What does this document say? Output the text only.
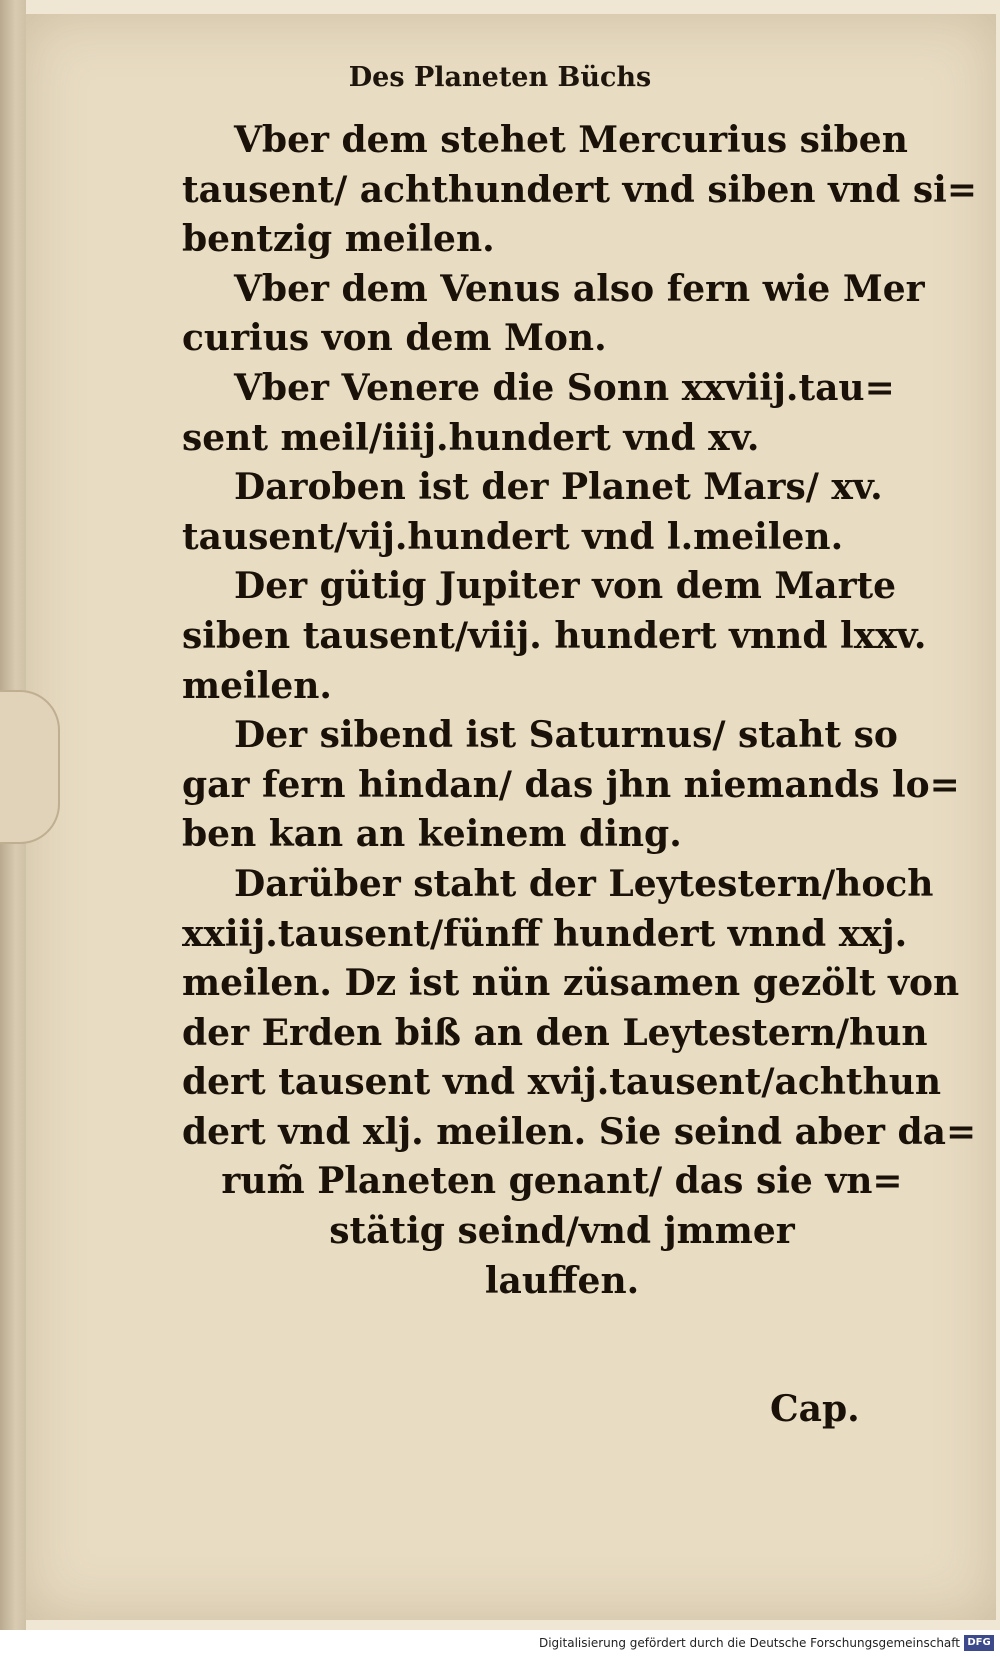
Des Planeten Büchs
Vber dem stehet Mercurius siben
tausent/ achthundert vnd siben vnd si=
bentzig meilen.
Vber dem Venus also fern wie Mer
curius von dem Mon.
Vber Venere die Sonn xxviij.tau=
sent meil/iiij.hundert vnd xv.
Daroben ist der Planet Mars/ xv.
tausent/vij.hundert vnd l.meilen.
Der gütig Jupiter von dem Marte
siben tausent/viij. hundert vnnd lxxv.
meilen.
Der sibend ist Saturnus/ staht so
gar fern hindan/ das jhn niemands lo=
ben kan an keinem ding.
Darüber staht der Leytestern/hoch
xxiij.tausent/fünff hundert vnnd xxj.
meilen. Dz ist nün züsamen gezölt von
der Erden biß an den Leytestern/hun
dert tausent vnd xvij.tausent/achthun
dert vnd xlj. meilen. Sie seind aber da=
rum̃ Planeten genant/ das sie vn=
stätig seind/vnd jmmer
lauffen.
Cap.
Digitalisierung gefördert durch die Deutsche Forschungsgemeinschaft DFG
